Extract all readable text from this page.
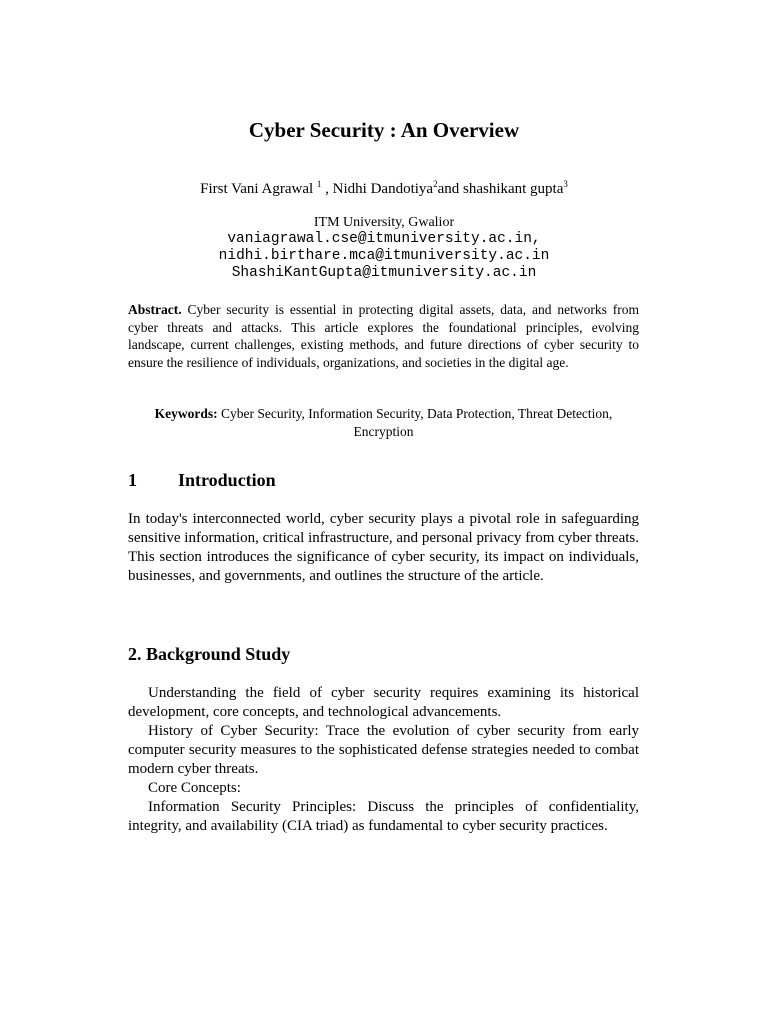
Cyber Security : An Overview
First Vani Agrawal $^1$ , Nidhi Dandotiya$^2$and shashikant gupta$^3$
ITM University, Gwalior
vaniagrawal.cse@itmuniversity.ac.in,
nidhi.birthare.mca@itmuniversity.ac.in
ShashiKantGupta@itmuniversity.ac.in
Abstract. Cyber security is essential in protecting digital assets, data, and networks from cyber threats and attacks. This article explores the foundational principles, evolving landscape, current challenges, existing methods, and future directions of cyber security to ensure the resilience of individuals, organizations, and societies in the digital age.
Keywords: Cyber Security, Information Security, Data Protection, Threat Detection, Encryption
1 Introduction
In today's interconnected world, cyber security plays a pivotal role in safeguarding sensitive information, critical infrastructure, and personal privacy from cyber threats. This section introduces the significance of cyber security, its impact on individuals, businesses, and governments, and outlines the structure of the article.
2. Background Study

Understanding the field of cyber security requires examining its historical development, core concepts, and technological advancements.

History of Cyber Security: Trace the evolution of cyber security from early computer security measures to the sophisticated defense strategies needed to combat modern cyber threats.

Core Concepts:

Information Security Principles: Discuss the principles of confidentiality, integrity, and availability (CIA triad) as fundamental to cyber security practices.
